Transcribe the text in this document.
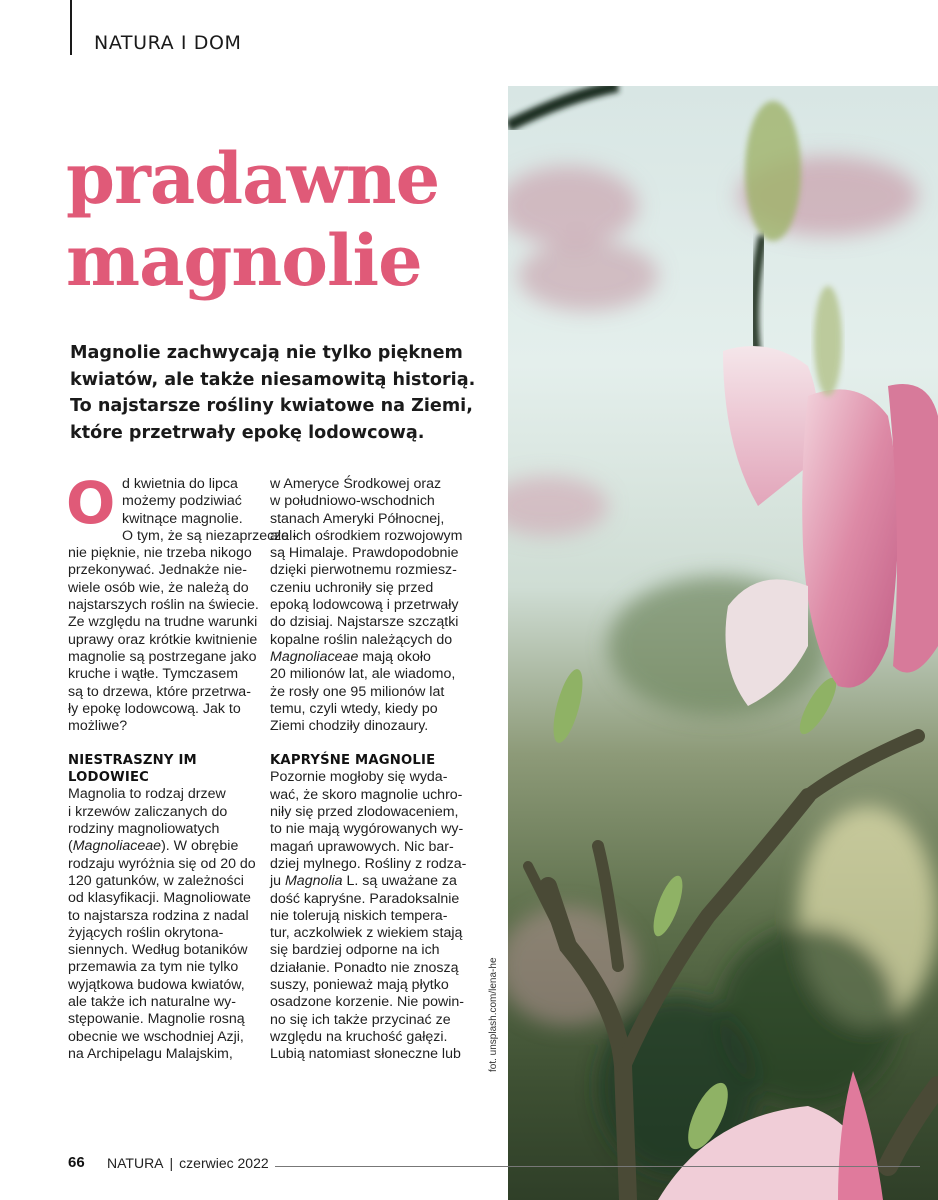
NATURA I DOM
pradawne
magnolie

Magnolie zachwycają nie tylko pięknem kwiatów, ale także niesamowitą historią. To najstarsze rośliny kwiatowe na Ziemi, które przetrwały epokę lodowcową.

O d kwietnia do lipca
możemy podziwiać
kwitnące magnolie.
O tym, że są niezaprzeczal-
nie pięknie, nie trzeba nikogo
przekonywać. Jednakże nie-
wiele osób wie, że należą do
najstarszych roślin na świecie.
Ze względu na trudne warunki
uprawy oraz krótkie kwitnienie
magnolie są postrzegane jako
kruche i wątłe. Tymczasem
są to drzewa, które przetrwa-
ły epokę lodowcową. Jak to
możliwe?

NIESTRASZNY IM
LODOWIEC

Magnolia to rodzaj drzew
i krzewów zaliczanych do
rodziny magnoliowatych
(Magnoliaceae). W obrębie
rodzaju wyróżnia się od 20 do
120 gatunków, w zależności
od klasyfikacji. Magnoliowate
to najstarsza rodzina z nadal
żyjących roślin okrytona-
siennych. Według botaników
przemawia za tym nie tylko
wyjątkowa budowa kwiatów,
ale także ich naturalne wy-
stępowanie. Magnolie rosną
obecnie we wschodniej Azji,
na Archipelagu Malajskim,

w Ameryce Środkowej oraz
w południowo-wschodnich
stanach Ameryki Północnej,
ale ich ośrodkiem rozwojowym
są Himalaje. Prawdopodobnie
dzięki pierwotnemu rozmiesz-
czeniu uchroniły się przed
epoką lodowcową i przetrwały
do dzisiaj. Najstarsze szczątki
kopalne roślin należących do
Magnoliaceae mają około
20 milionów lat, ale wiadomo,
że rosły one 95 milionów lat
temu, czyli wtedy, kiedy po
Ziemi chodziły dinozaury.

KAPRYŚNE MAGNOLIE

Pozornie mogłoby się wyda-
wać, że skoro magnolie uchro-
niły się przed zlodowaceniem,
to nie mają wygórowanych wy-
magań uprawowych. Nic bar-
dziej mylnego. Rośliny z rodza-
ju Magnolia L. są uważane za
dość kapryśne. Paradoksalnie
nie tolerują niskich tempera-
tur, aczkolwiek z wiekiem stają
się bardziej odporne na ich
działanie. Ponadto nie znoszą
suszy, ponieważ mają płytko
osadzone korzenie. Nie powin-
no się ich także przycinać ze
względu na kruchość gałęzi.
Lubią natomiast słoneczne lub	fot. unsplash.com/lena-he
66 NATURA | czerwiec 2022
